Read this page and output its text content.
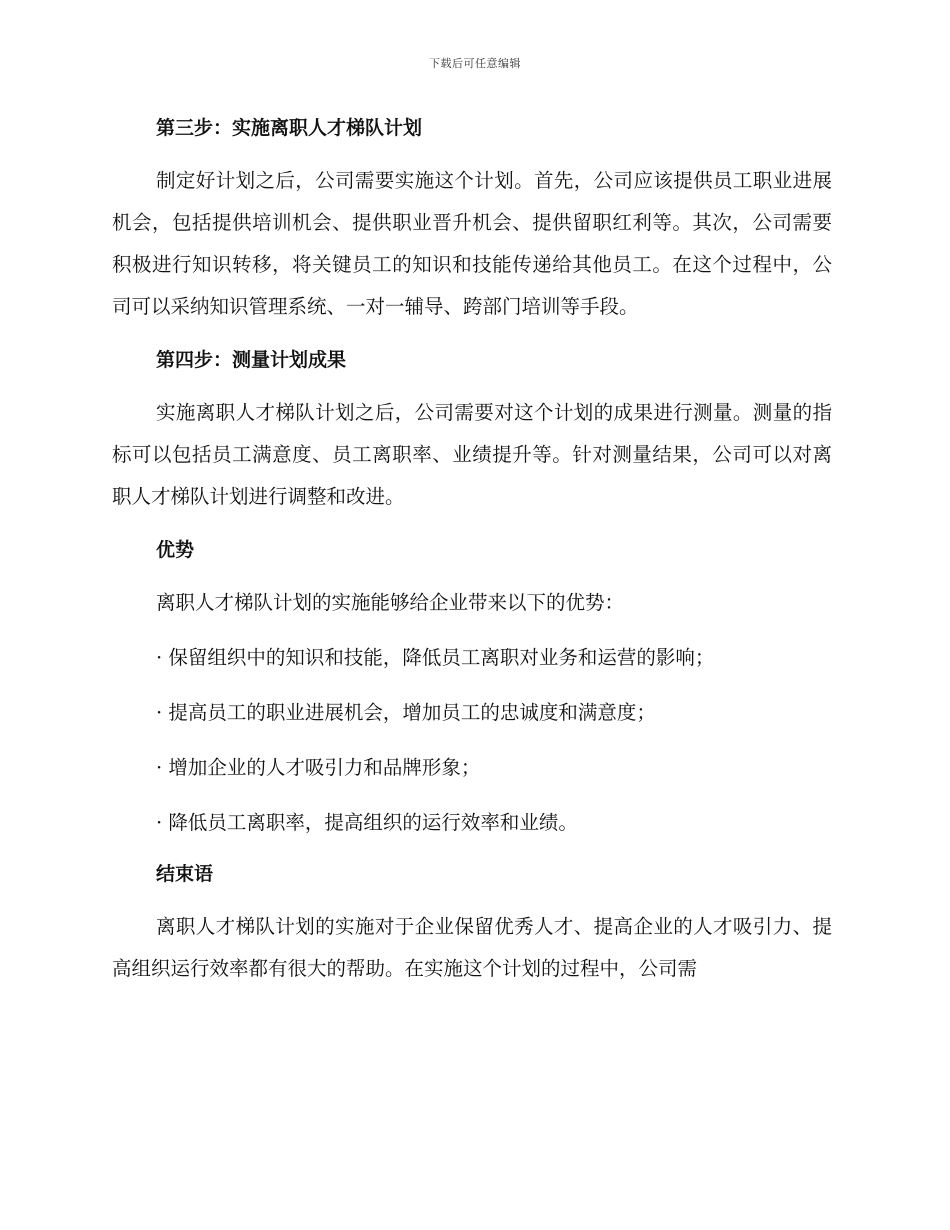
下载后可任意编辑
第三步：实施离职人才梯队计划

制定好计划之后，公司需要实施这个计划。首先，公司应该提供员工职业进展机会，包括提供培训机会、提供职业晋升机会、提供留职红利等。其次，公司需要积极进行知识转移，将关键员工的知识和技能传递给其他员工。在这个过程中，公司可以采纳知识管理系统、一对一辅导、跨部门培训等手段。

第四步：测量计划成果

实施离职人才梯队计划之后，公司需要对这个计划的成果进行测量。测量的指标可以包括员工满意度、员工离职率、业绩提升等。针对测量结果，公司可以对离职人才梯队计划进行调整和改进。

优势
离职人才梯队计划的实施能够给企业带来以下的优势：
· 保留组织中的知识和技能，降低员工离职对业务和运营的影响；
· 提高员工的职业进展机会，增加员工的忠诚度和满意度；
· 增加企业的人才吸引力和品牌形象；
· 降低员工离职率，提高组织的运行效率和业绩。
结束语

离职人才梯队计划的实施对于企业保留优秀人才、提高企业的人才吸引力、提高组织运行效率都有很大的帮助。在实施这个计划的过程中，公司需
